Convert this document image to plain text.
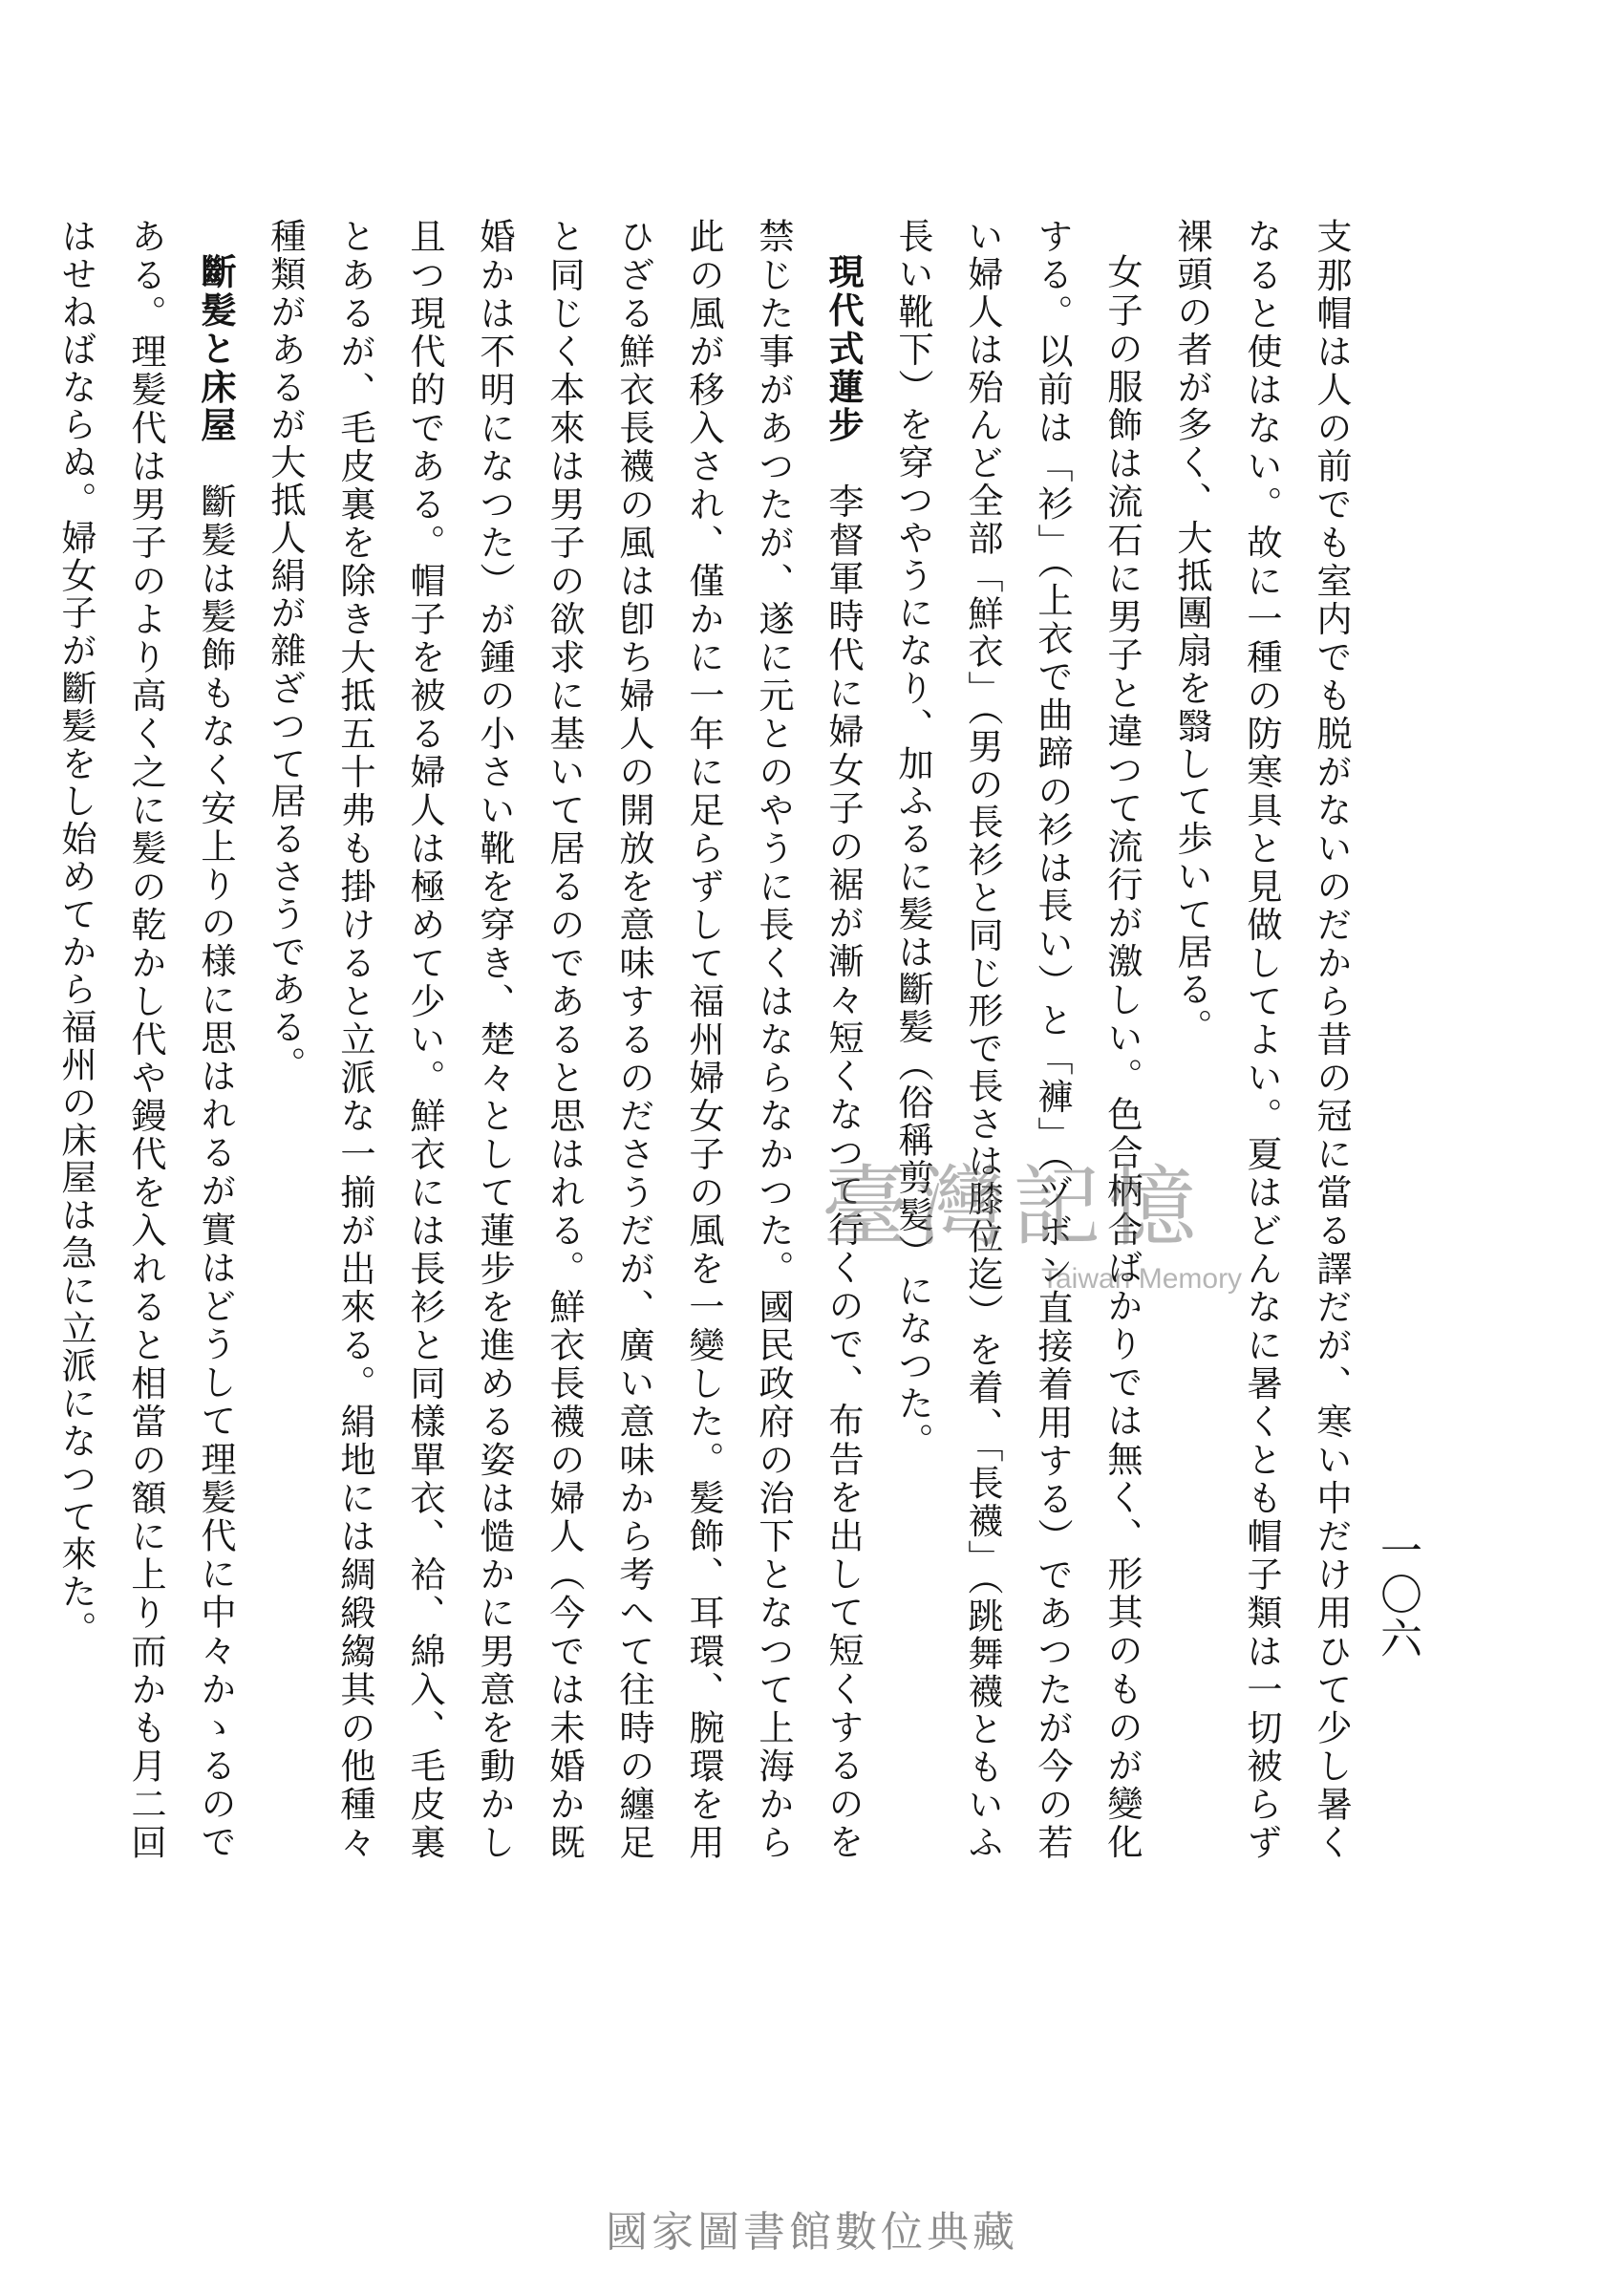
一〇六

支那帽は人の前でも室内でも脱がないのだから昔の冠に當る譯だが、寒い中だけ用ひて少し暑くなると使はない。故に一種の防寒具と見做してよい。夏はどんなに暑くとも帽子類は一切被らず裸頭の者が多く、大抵團扇を翳して歩いて居る。

女子の服飾は流石に男子と違つて流行が激しい。色合柄合ばかりでは無く、形其のものが變化する。以前は「衫」（上衣で曲蹄の衫は長い）と「褲」（ヅボン直接着用する）であつたが今の若い婦人は殆んど全部「鮮衣」（男の長衫と同じ形で長さは膝位迄）を着、「長襪」（跳舞襪ともいふ長い靴下）を穿つやうになり、加ふるに髪は斷髪（俗稱剪髪）になつた。

現代式蓮步　李督軍時代に婦女子の裾が漸々短くなつて行くので、布告を出して短くするのを禁じた事があつたが、遂に元とのやうに長くはならなかつた。國民政府の治下となつて上海から此の風が移入され、僅かに一年に足らずして福州婦女子の風を一變した。髪飾、耳環、腕環を用ひざる鮮衣長襪の風は卽ち婦人の開放を意味するのださうだが、廣い意味から考へて往時の纏足と同じく本來は男子の欲求に基いて居るのであると思はれる。鮮衣長襪の婦人（今では未婚か既婚かは不明になつた）が鍾の小さい靴を穿き、楚々として蓮步を進める姿は慥かに男意を動かし且つ現代的である。帽子を被る婦人は極めて少い。鮮衣には長衫と同樣單衣、袷、綿入、毛皮裏とあるが、毛皮裏を除き大抵五十弗も掛けると立派な一揃が出來る。絹地には綢緞縐其の他種々種類があるが大抵人絹が雜ざつて居るさうである。

斷髪と床屋　斷髪は髪飾もなく安上りの様に思はれるが實はどうして理髪代に中々かゝるのである。理髪代は男子のより高く之に髪の乾かし代や鏝代を入れると相當の額に上り而かも月二回はせねばならぬ。婦女子が斷髪をし始めてから福州の床屋は急に立派になつて來た。	臺灣記憶
Taiwan Memory
國家圖書館數位典藏
